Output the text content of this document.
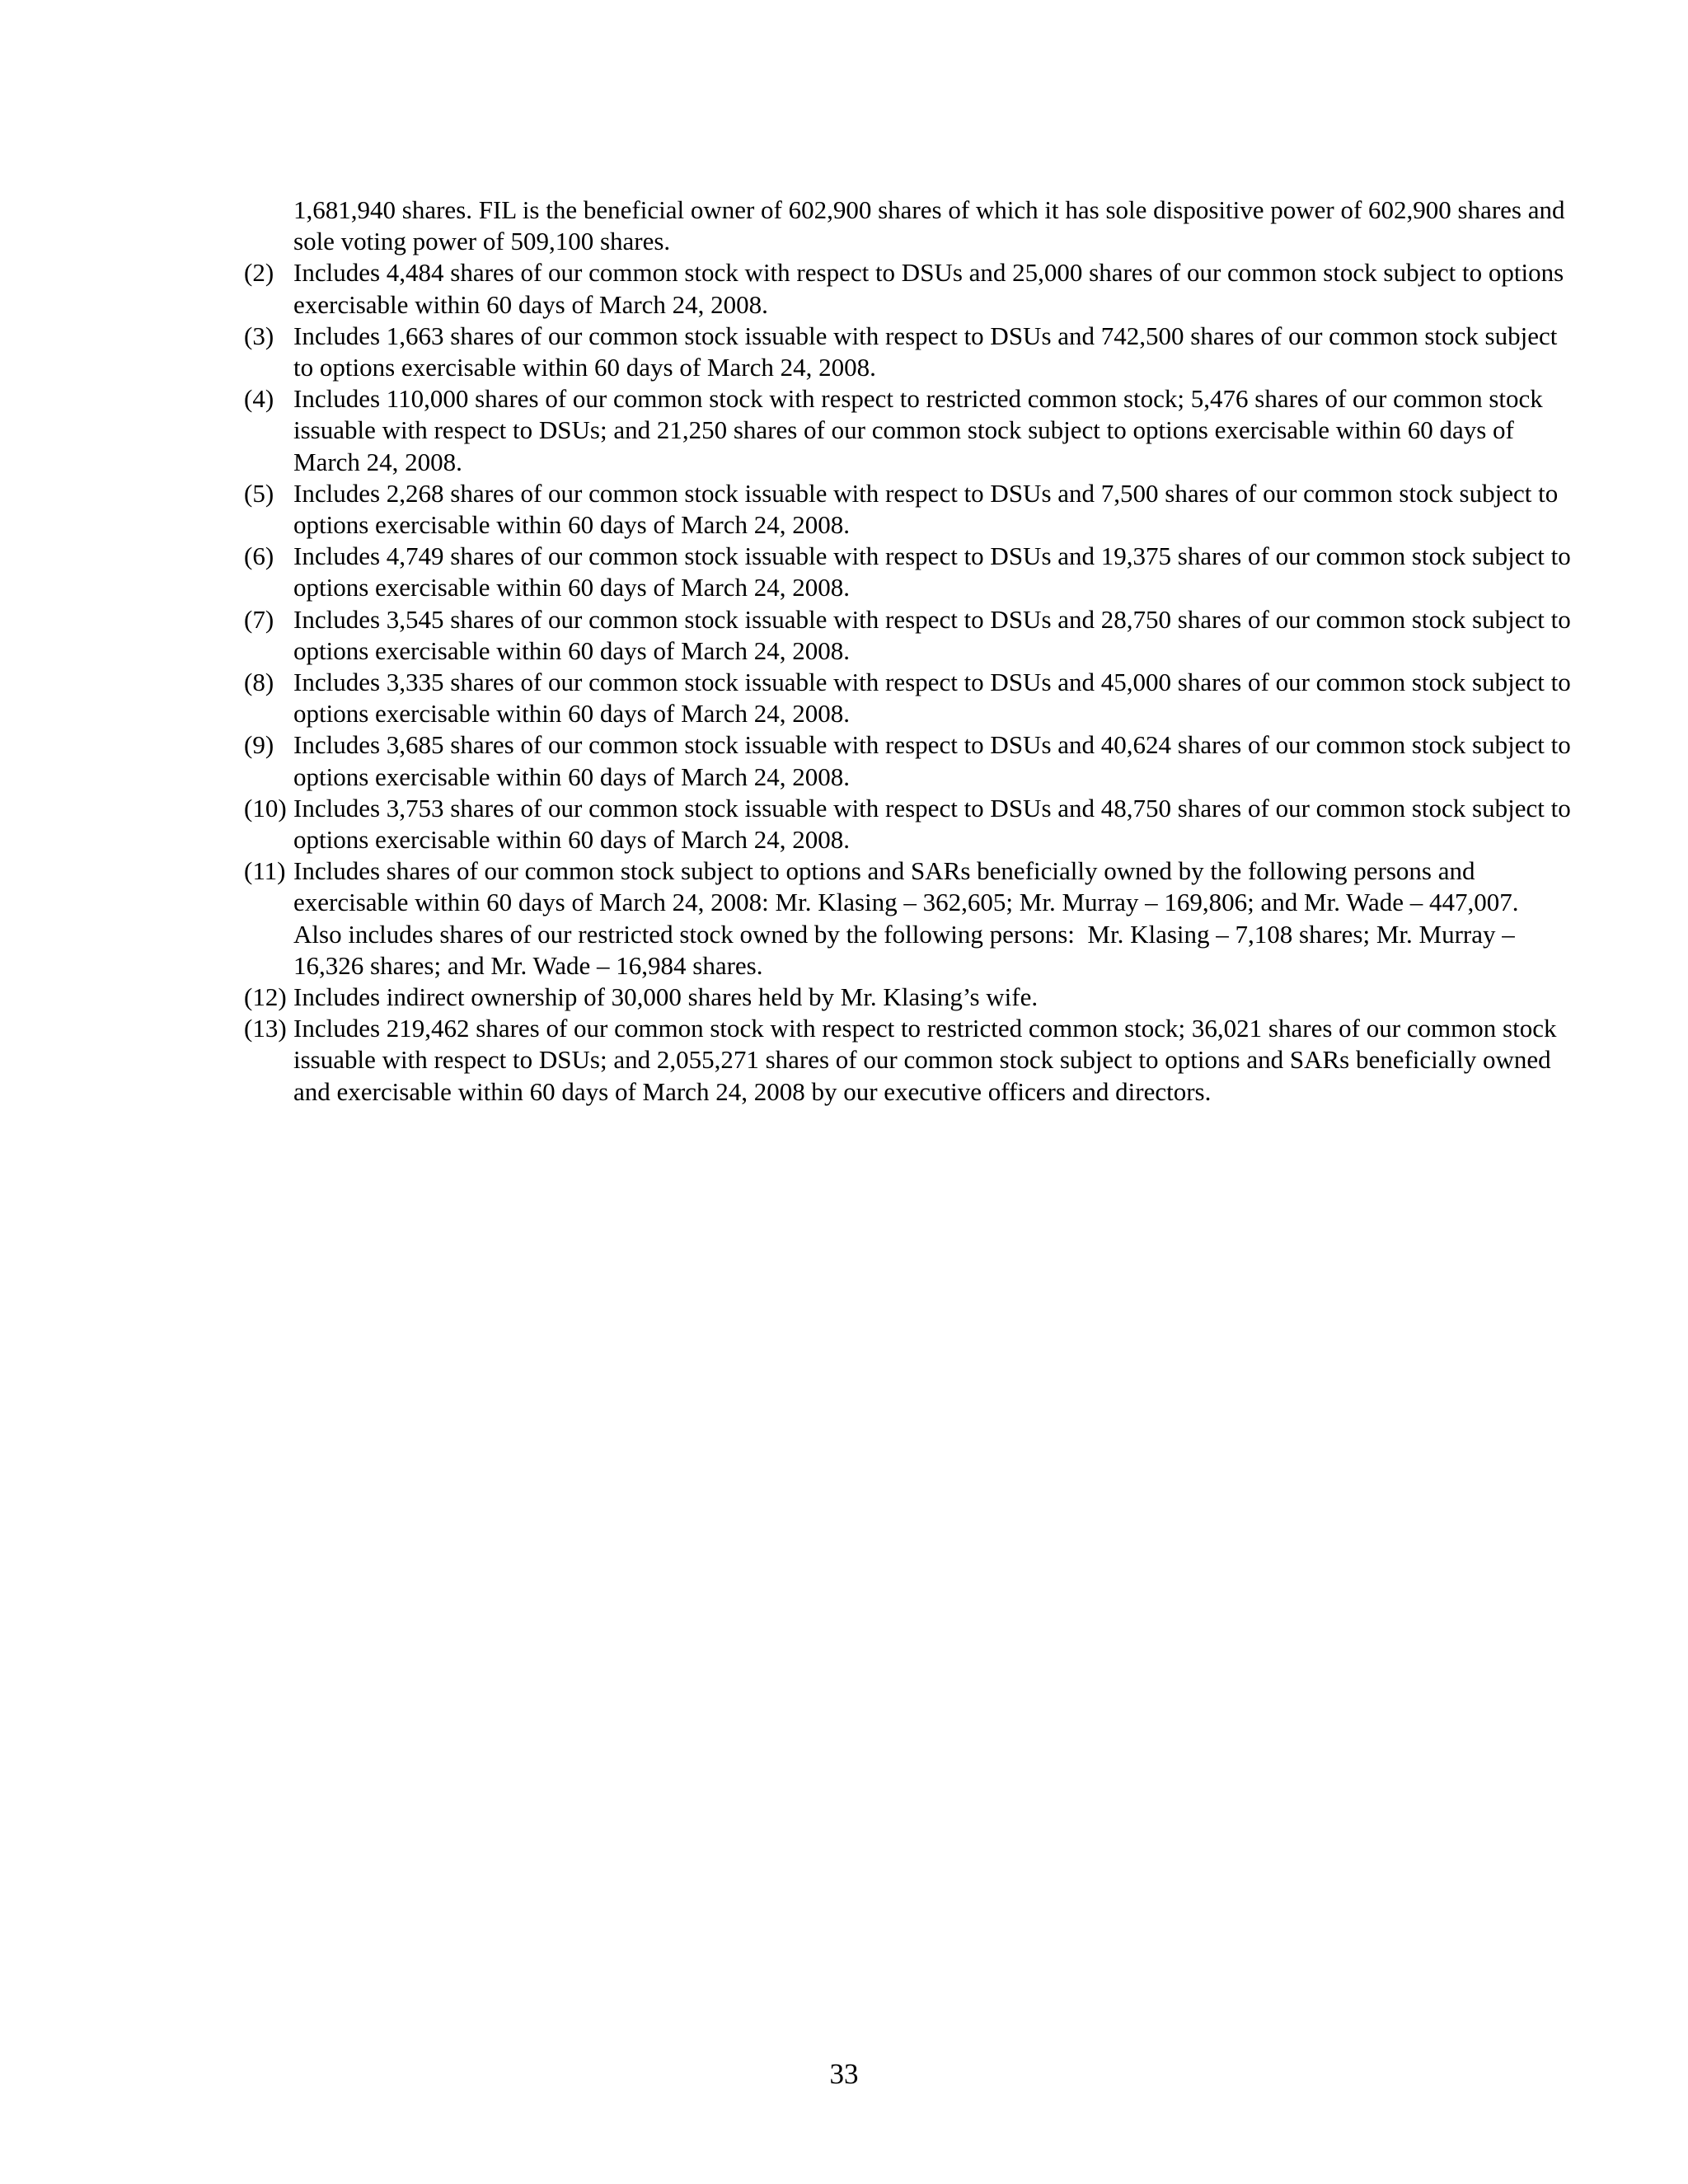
1,681,940 shares. FIL is the beneficial owner of 602,900 shares of which it has sole dispositive power of 602,900 shares and sole voting power of 509,100 shares.
(2) Includes 4,484 shares of our common stock with respect to DSUs and 25,000 shares of our common stock subject to options exercisable within 60 days of March 24, 2008.
(3) Includes 1,663 shares of our common stock issuable with respect to DSUs and 742,500 shares of our common stock subject to options exercisable within 60 days of March 24, 2008.
(4) Includes 110,000 shares of our common stock with respect to restricted common stock; 5,476 shares of our common stock issuable with respect to DSUs; and 21,250 shares of our common stock subject to options exercisable within 60 days of March 24, 2008.
(5) Includes 2,268 shares of our common stock issuable with respect to DSUs and 7,500 shares of our common stock subject to options exercisable within 60 days of March 24, 2008.
(6) Includes 4,749 shares of our common stock issuable with respect to DSUs and 19,375 shares of our common stock subject to options exercisable within 60 days of March 24, 2008.
(7) Includes 3,545 shares of our common stock issuable with respect to DSUs and 28,750 shares of our common stock subject to options exercisable within 60 days of March 24, 2008.
(8) Includes 3,335 shares of our common stock issuable with respect to DSUs and 45,000 shares of our common stock subject to options exercisable within 60 days of March 24, 2008.
(9) Includes 3,685 shares of our common stock issuable with respect to DSUs and 40,624 shares of our common stock subject to options exercisable within 60 days of March 24, 2008.
(10) Includes 3,753 shares of our common stock issuable with respect to DSUs and 48,750 shares of our common stock subject to options exercisable within 60 days of March 24, 2008.
(11) Includes shares of our common stock subject to options and SARs beneficially owned by the following persons and exercisable within 60 days of March 24, 2008: Mr. Klasing – 362,605; Mr. Murray – 169,806; and Mr. Wade – 447,007.  Also includes shares of our restricted stock owned by the following persons:  Mr. Klasing – 7,108 shares; Mr. Murray – 16,326 shares; and Mr. Wade – 16,984 shares.
(12) Includes indirect ownership of 30,000 shares held by Mr. Klasing’s wife.
(13) Includes 219,462 shares of our common stock with respect to restricted common stock; 36,021 shares of our common stock issuable with respect to DSUs; and 2,055,271 shares of our common stock subject to options and SARs beneficially owned and exercisable within 60 days of March 24, 2008 by our executive officers and directors.
33
